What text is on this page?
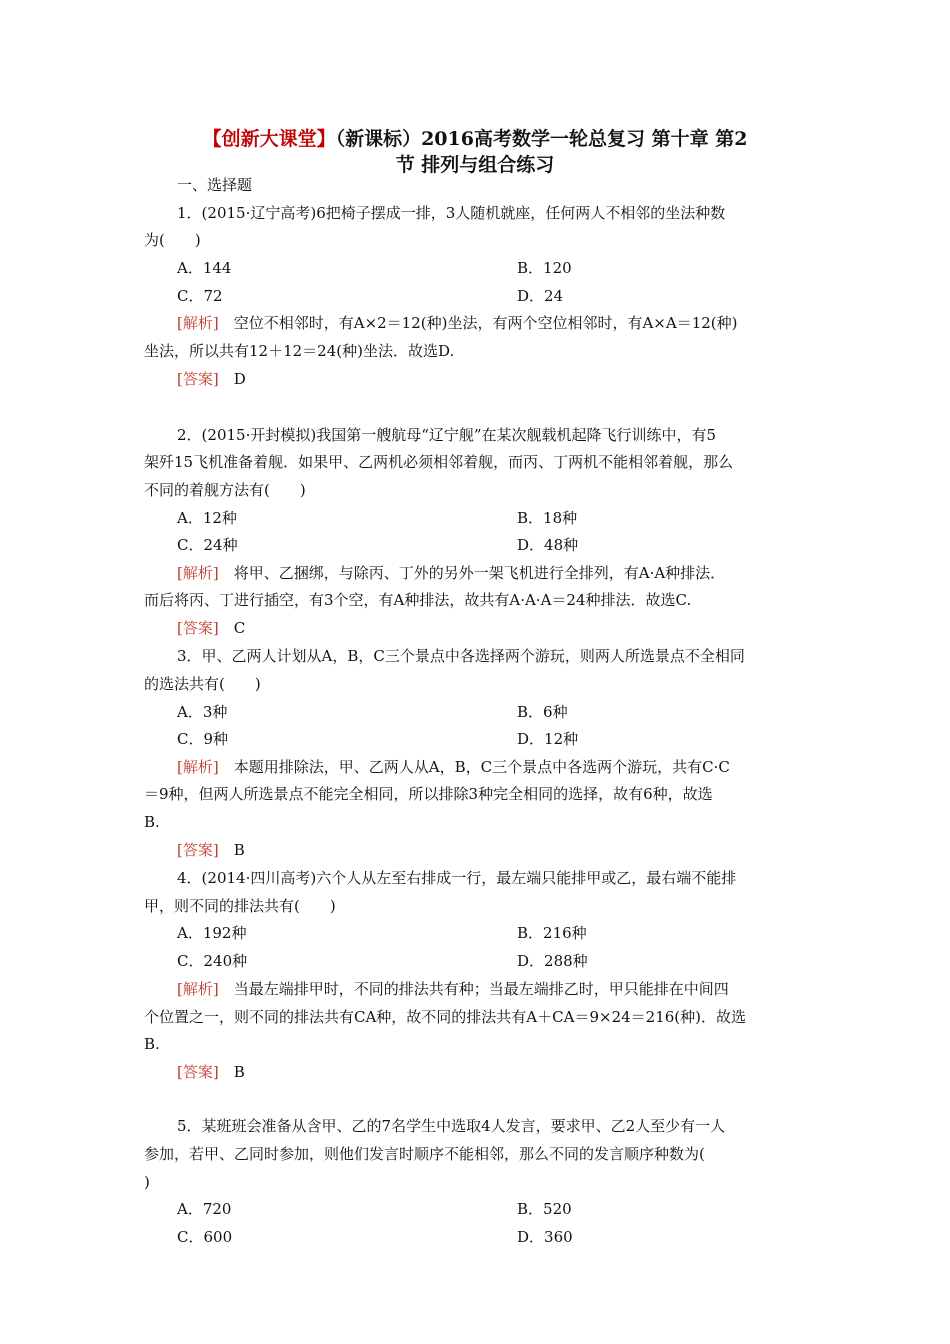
【创新大课堂】（新课标）2016高考数学一轮总复习 第十章 第2
节 排列与组合练习
一、选择题
1．(2015·辽宁高考)6把椅子摆成一排，3人随机就座，任何两人不相邻的坐法种数
为(　　)
A．144	B．120
C．72	D．24
[解析]　 空位不相邻时，有A×2＝12(种)坐法，有两个空位相邻时，有A×A＝12(种)
坐法，所以共有12＋12＝24(种)坐法．故选D.
[答案]　 D
2．(2015·开封模拟)我国第一艘航母“辽宁舰”在某次舰载机起降飞行训练中，有5
架歼15飞机准备着舰．如果甲、乙两机必须相邻着舰，而丙、丁两机不能相邻着舰，那么
不同的着舰方法有(　　)
A．12种	B．18种
C．24种	D．48种
[解析]　 将甲、乙捆绑，与除丙、丁外的另外一架飞机进行全排列，有A·A种排法．
而后将丙、丁进行插空，有3个空，有A种排法，故共有A·A·A＝24种排法．故选C.
[答案]　 C
3．甲、乙两人计划从A，B，C三个景点中各选择两个游玩，则两人所选景点不全相同
的选法共有(　　)
A．3种	B．6种
C．9种	D．12种
[解析]　 本题用排除法，甲、乙两人从A，B，C三个景点中各选两个游玩，共有C·C
＝9种，但两人所选景点不能完全相同，所以排除3种完全相同的选择，故有6种，故选
B.
[答案]　 B
4．(2014·四川高考)六个人从左至右排成一行，最左端只能排甲或乙，最右端不能排
甲，则不同的排法共有(　　)
A．192种	B．216种
C．240种	D．288种
[解析]　 当最左端排甲时，不同的排法共有种；当最左端排乙时，甲只能排在中间四
个位置之一，则不同的排法共有CA种，故不同的排法共有A＋CA＝9×24＝216(种)．故选
B.
[答案]　 B
5．某班班会准备从含甲、乙的7名学生中选取4人发言，要求甲、乙2人至少有一人
参加，若甲、乙同时参加，则他们发言时顺序不能相邻，那么不同的发言顺序种数为(
)
A．720	B．520
C．600	D．360
